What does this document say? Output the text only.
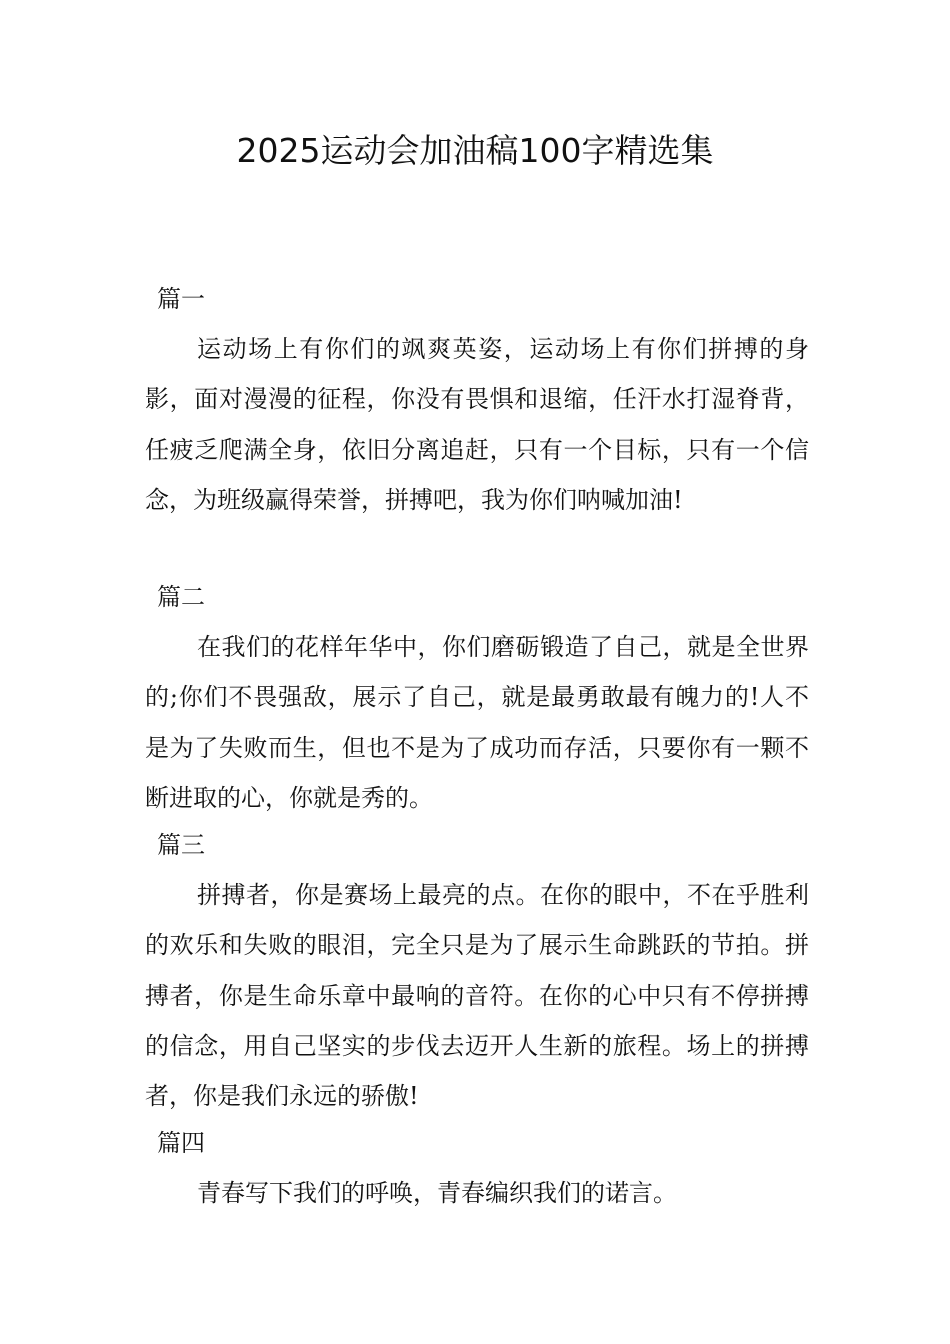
2025运动会加油稿100字精选集
篇一

运动场上有你们的飒爽英姿，运动场上有你们拼搏的身影，面对漫漫的征程，你没有畏惧和退缩，任汗水打湿脊背，任疲乏爬满全身，依旧分离追赶，只有一个目标，只有一个信念，为班级赢得荣誉，拼搏吧，我为你们呐喊加油!

篇二

在我们的花样年华中，你们磨砺锻造了自己，就是全世界的;你们不畏强敌，展示了自己，就是最勇敢最有魄力的!人不是为了失败而生，但也不是为了成功而存活，只要你有一颗不断进取的心，你就是秀的。

篇三

拼搏者，你是赛场上最亮的点。在你的眼中，不在乎胜利的欢乐和失败的眼泪，完全只是为了展示生命跳跃的节拍。拼搏者，你是生命乐章中最响的音符。在你的心中只有不停拼搏的信念，用自己坚实的步伐去迈开人生新的旅程。场上的拼搏者，你是我们永远的骄傲!

篇四

青春写下我们的呼唤，青春编织我们的诺言。
